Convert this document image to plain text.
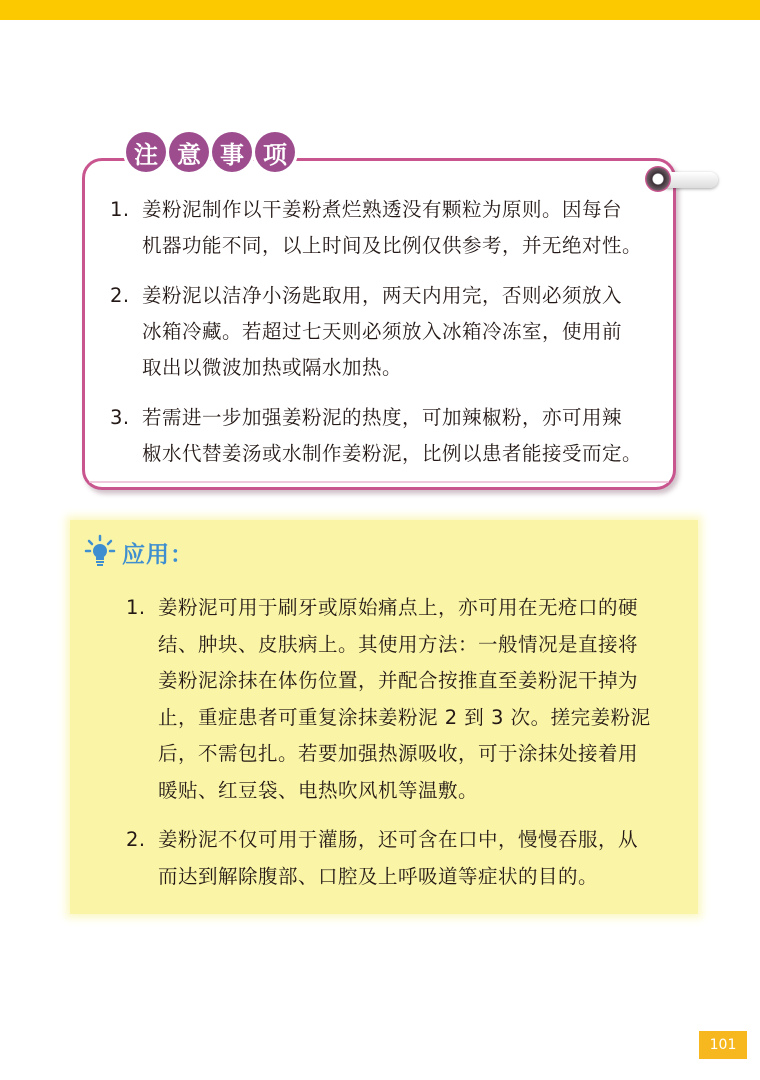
注 意 事 项
1. 姜粉泥制作以干姜粉煮烂熟透没有颗粒为原则。因每台
机器功能不同，以上时间及比例仅供参考，并无绝对性。
2. 姜粉泥以洁净小汤匙取用，两天内用完，否则必须放入
冰箱冷藏。若超过七天则必须放入冰箱冷冻室，使用前
取出以微波加热或隔水加热。
3. 若需进一步加强姜粉泥的热度，可加辣椒粉，亦可用辣
椒水代替姜汤或水制作姜粉泥，比例以患者能接受而定。
应用：
1. 姜粉泥可用于刷牙或原始痛点上，亦可用在无疮口的硬
结、肿块、皮肤病上。其使用方法：一般情况是直接将
姜粉泥涂抹在体伤位置，并配合按推直至姜粉泥干掉为
止，重症患者可重复涂抹姜粉泥 2 到 3 次。搓完姜粉泥
后，不需包扎。若要加强热源吸收，可于涂抹处接着用
暖贴、红豆袋、电热吹风机等温敷。
2. 姜粉泥不仅可用于灌肠，还可含在口中，慢慢吞服，从
而达到解除腹部、口腔及上呼吸道等症状的目的。
101
